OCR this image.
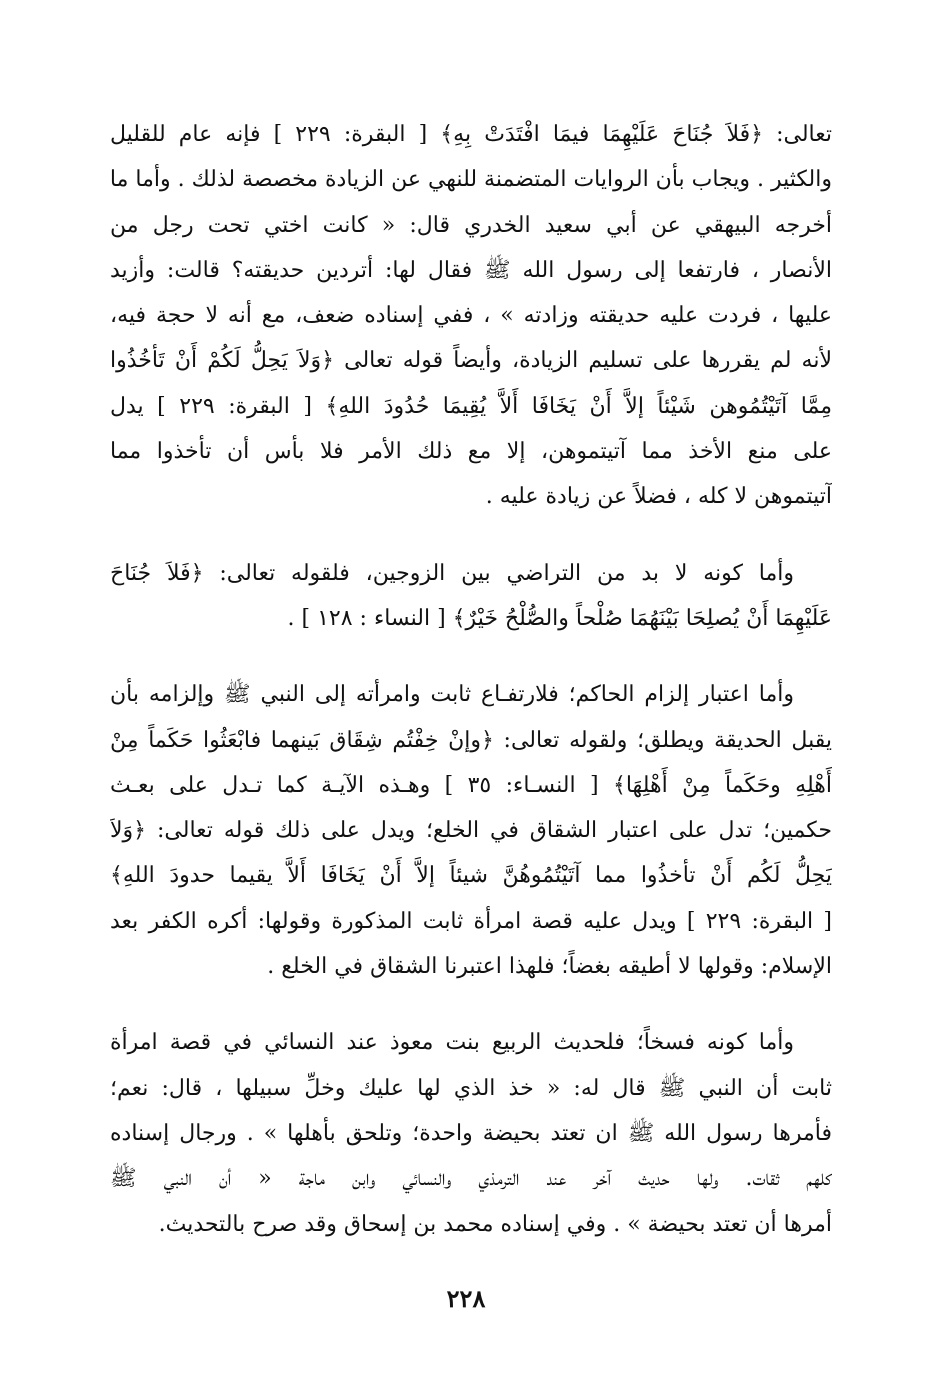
تعالى: ﴿فَلاَ جُنَاحَ عَلَيْهِمَا فيمَا افْتَدَتْ بِهِ﴾ [ البقرة: ٢٢٩ ] فإنه عام للقليل
والكثير . ويجاب بأن الروايات المتضمنة للنهي عن الزيادة مخصصة لذلك . وأما ما
أخرجه البيهقي عن أبي سعيد الخدري قال: « كانت اختي تحت رجل من
الأنصار ، فارتفعا إلى رسول الله ﷺ فقال لها: أتردين حديقته؟ قالت: وأزيد
عليها ، فردت عليه حديقته وزادته » ، ففي إسناده ضعف، مع أنه لا حجة فيه،
لأنه لم يقررها على تسليم الزيادة، وأيضاً قوله تعالى ﴿وَلاَ يَحِلُّ لَكُمْ أَنْ تَأخُذُوا
مِمَّا آتَيْتُمُوهن شَيْئاً إلاَّ أَنْ يَخَافَا أَلاَّ يُقِيمَا حُدُودَ اللهِ﴾ [ البقرة: ٢٢٩ ] يدل
على منع الأخذ مما آتيتموهن، إلا مع ذلك الأمر فلا بأس أن تأخذوا مما
آتيتموهن لا كله ، فضلاً عن زيادة عليه .

وأما كونه لا بد من التراضي بين الزوجين، فلقوله تعالى: ﴿فَلاَ جُنَاحَ
عَلَيْهِمَا أَنْ يُصلِحَا بَيْنَهُمَا صُلْحاً والصُّلْحُ خَيْرٌ﴾ [ النساء : ١٢٨ ] .

وأما اعتبار إلزام الحاكم؛ فلارتفـاع ثابت وامرأته إلى النبي ﷺ وإلزامه بأن
يقبل الحديقة ويطلق؛ ولقوله تعالى: ﴿وإنْ خِفْتُم شِقَاق بَينهما فابْعَثُوا حَكَماً مِنْ
أَهْلِهِ وحَكَماً مِنْ أَهْلِهَا﴾ [ النسـاء: ٣٥ ] وهـذه الآيـة كما تـدل على بعـث
حكمين؛ تدل على اعتبار الشقاق في الخلع؛ ويدل على ذلك قوله تعالى: ﴿وَلاَ
يَحِلُّ لَكُم أَنْ تأخذُوا مما آتَيْتُمُوهُنَّ شيئاً إلاَّ أَنْ يَخَافَا أَلاَّ يقيما حدودَ اللهِ﴾
[ البقرة: ٢٢٩ ] ويدل عليه قصة امرأة ثابت المذكورة وقولها: أكره الكفر بعد
الإسلام: وقولها لا أطيقه بغضاً؛ فلهذا اعتبرنا الشقاق في الخلع .

وأما كونه فسخاً؛ فلحديث الربيع بنت معوذ عند النسائي في قصة امرأة
ثابت أن النبي ﷺ قال له: « خذ الذي لها عليك وخلِّ سبيلها ، قال: نعم؛
فأمرها رسول الله ﷺ ان تعتد بحيضة واحدة؛ وتلحق بأهلها » . ورجال إسناده
كلهم ثقات. ولها حديث آخر عند الترمذي والنسائي وابن ماجة « أن النبي ﷺ
أمرها أن تعتد بحيضة » . وفي إسناده محمد بن إسحاق وقد صرح بالتحديث.

٢٢٨
